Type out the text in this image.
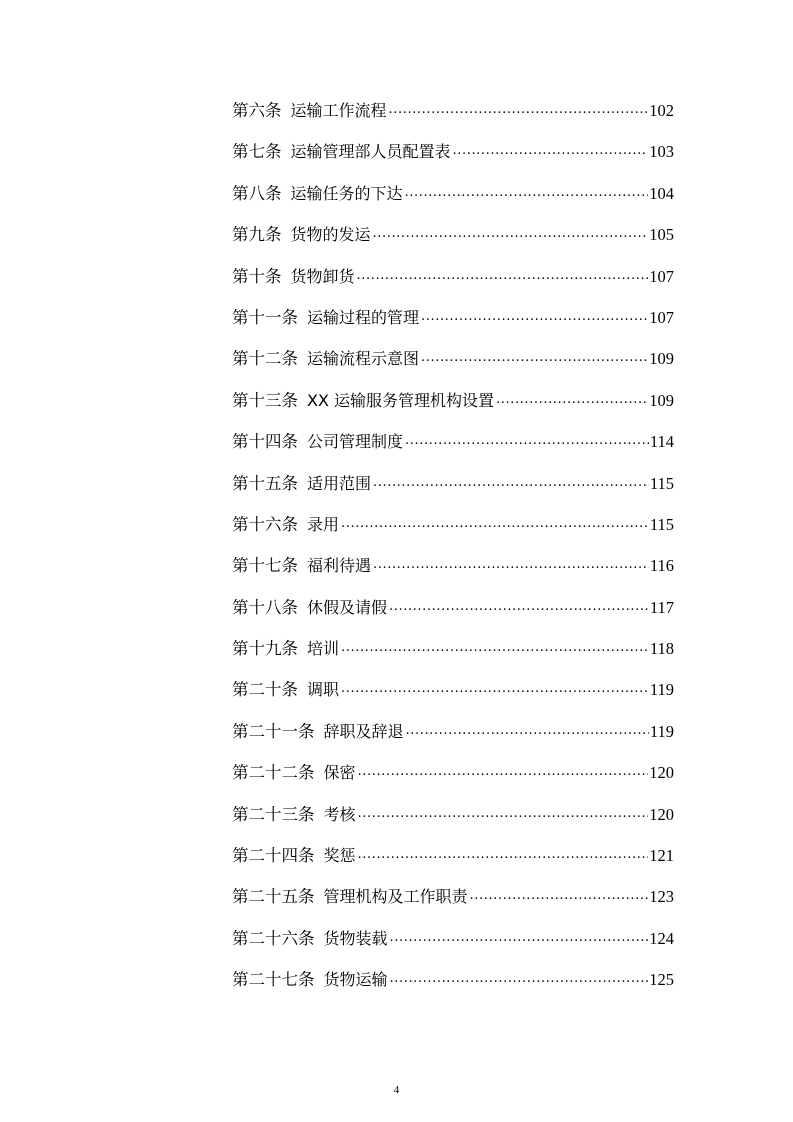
第六条 运输工作流程 .....	102
第七条 运输管理部人员配置表 .....	103
第八条 运输任务的下达 .....	104
第九条 货物的发运 .....	105
第十条 货物卸货 .....	107
第十一条 运输过程的管理 .....	107
第十二条 运输流程示意图 .....	109
第十三条 XX 运输服务管理机构设置 .....	109
第十四条 公司管理制度 .....	114
第十五条 适用范围 .....	115
第十六条 录用 .....	115
第十七条 福利待遇 .....	116
第十八条 休假及请假 .....	117
第十九条 培训 .....	118
第二十条 调职 .....	119
第二十一条 辞职及辞退 .....	119
第二十二条 保密 .....	120
第二十三条 考核 .....	120
第二十四条 奖惩 .....	121
第二十五条 管理机构及工作职责 .....	123
第二十六条 货物装载 .....	124
第二十七条 货物运输 .....	125
4
